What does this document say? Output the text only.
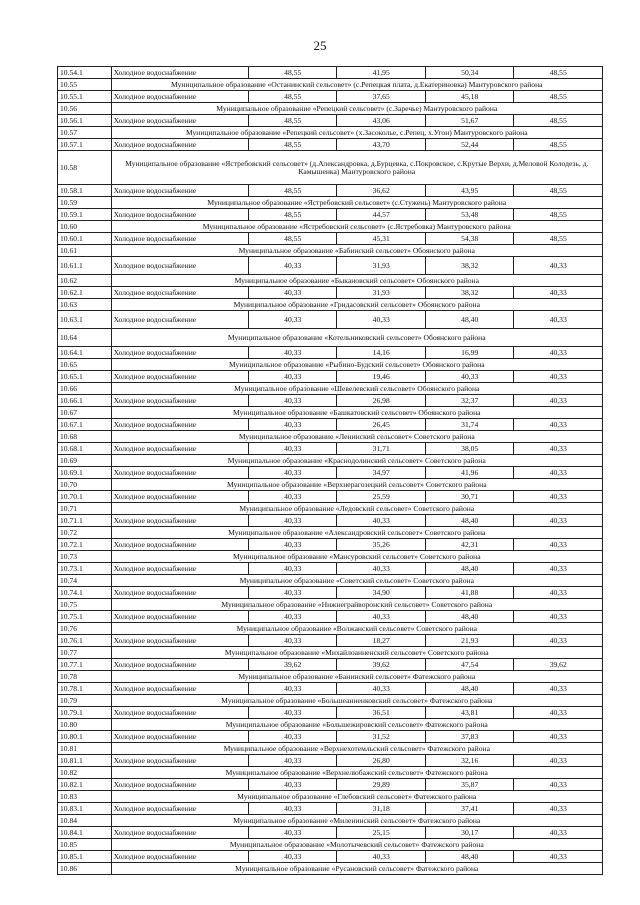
25
10.54.1	Холодное водоснабжение	48,55	41,95	50,34	48,55
10.55	Муниципальное образование «Останинский сельсовет» (с.Репецкая плата, д.Екатериновка) Мантуровского района				
10.55.1	Холодное водоснабжение	48,55	37,65	45,18	48,55
10.56	Муниципальное образование «Репецкий сельсовет» (с.Заречье) Мантуровского района				
10.56.1	Холодное водоснабжение	48,55	43,06	51,67	48,55
10.57	Муниципальное образование «Репецкий сельсовет» (х.Засоколье, с.Репец, х.Угон) Мантуровского района				
10.57.1	Холодное водоснабжение	48,55	43,70	52,44	48,55
10.58	Муниципальное образование «Ястребовский сельсовет» (д.Александровка, д.Бурцевка, с.Покровское, с.Крутые Верхи, д.Меловой Колодезь, д. Камышенка) Мантуровского района				
10.58.1	Холодное водоснабжение	48,55	36,62	43,95	48,55
10.59	Муниципальное образование «Ястребовский сельсовет» (с.Стужень) Мантуровского района				
10.59.1	Холодное водоснабжение	48,55	44,57	53,48	48,55
10.60	Муниципальное образование «Ястребовский сельсовет» (с.Ястребовка) Мантуровского района				
10.60.1	Холодное водоснабжение	48,55	45,31	54,38	48,55
10.61	Муниципальное образование «Бабинский сельсовет» Обоянского района				
10.61.1	Холодное водоснабжение	40,33	31,93	38,32	40,33
10.62	Муниципальное образование «Быкановский сельсовет» Обоянского района				
10.62.1	Холодное водоснабжение	40,33	31,93	38,32	40,33
10.63	Муниципальное образование «Гридасовский сельсовет» Обоянского района				
10.63.1	Холодное водоснабжение	40,33	40,33	48,40	40,33
10.64	Муниципальное образование «Котельниковский сельсовет» Обоянского района				
10.64.1	Холодное водоснабжение	40,33	14,16	16,99	40,33
10.65	Муниципальное образование «Рыбино-Будский сельсовет» Обоянского района				
10.65.1	Холодное водоснабжение	40,33	19,46	40,33	40,33
10.66	Муниципальное образование «Шевелевский сельсовет» Обоянского района				
10.66.1	Холодное водоснабжение	40,33	26,98	32,37	40,33
10.67	Муниципальное образование «Башкатовский сельсовет» Обоянского района				
10.67.1	Холодное водоснабжение	40,33	26,45	31,74	40,33
10.68	Муниципальное образование «Ленинский сельсовет» Советского района				
10.68.1	Холодное водоснабжение	40,33	31,71	38,05	40,33
10.69	Муниципальное образование «Краснодолинский сельсовет» Советского района				
10.69.1	Холодное водоснабжение	40,33	34,97	41,96	40,33
10.70	Муниципальное образование «Верхнерагозецкий сельсовет» Советского района				
10.70.1	Холодное водоснабжение	40,33	25,59	30,71	40,33
10.71	Муниципальное образование «Ледовский сельсовет» Советского района				
10.71.1	Холодное водоснабжение	40,33	40,33	48,40	40,33
10.72	Муниципальное образование «Александровский сельсовет» Советского района				
10.72.1	Холодное водоснабжение	40,33	35,26	42,31	40,33
10.73	Муниципальное образование «Мансуровский сельсовет» Советского района				
10.73.1	Холодное водоснабжение	40,33	40,33	48,40	40,33
10.74	Муниципальное образование «Советский сельсовет» Советского района				
10.74.1	Холодное водоснабжение	40,33	34,90	41,88	40,33
10.75	Муниципальное образование «Нижнеграйворонский сельсовет» Советского района				
10.75.1	Холодное водоснабжение	40,33	40,33	48,40	40,33
10.76	Муниципальное образование «Волжанский сельсовет» Советского района				
10.76.1	Холодное водоснабжение	40,33	18,27	21,93	40,33
10.77	Муниципальное образование «Михайлоанненский сельсовет» Советского района				
10.77.1	Холодное водоснабжение	39,62	39,62	47,54	39,62
10.78	Муниципальное образование «Банинский сельсовет» Фатежского района				
10.78.1	Холодное водоснабжение	40,33	40,33	48,40	40,33
10.79	Муниципальное образование «Большеанненковский сельсовет» Фатежского района				
10.79.1	Холодное водоснабжение	40,33	36,51	43,81	40,33
10.80	Муниципальное образование «Большежировский сельсовет» Фатежского района				
10.80.1	Холодное водоснабжение	40,33	31,52	37,83	40,33
10.81	Муниципальное образование «Верхнехотемльский сельсовет» Фатежского района				
10.81.1	Холодное водоснабжение	40,33	26,80	32,16	40,33
10.82	Муниципальное образование «Верхнелюбажский сельсовет» Фатежского района				
10.82.1	Холодное водоснабжение	40,33	29,89	35,87	40,33
10.83	Муниципальное образование «Глебовский сельсовет» Фатежского района				
10.83.1	Холодное водоснабжение	40,33	31,18	37,41	40,33
10.84	Муниципальное образование «Миленинский сельсовет» Фатежского района				
10.84.1	Холодное водоснабжение	40,33	25,15	30,17	40,33
10.85	Муниципальное образование «Молотычевский сельсовет» Фатежского района				
10.85.1	Холодное водоснабжение	40,33	40,33	48,40	40,33
10.86	Муниципальное образование «Русановский сельсовет» Фатежского района				
